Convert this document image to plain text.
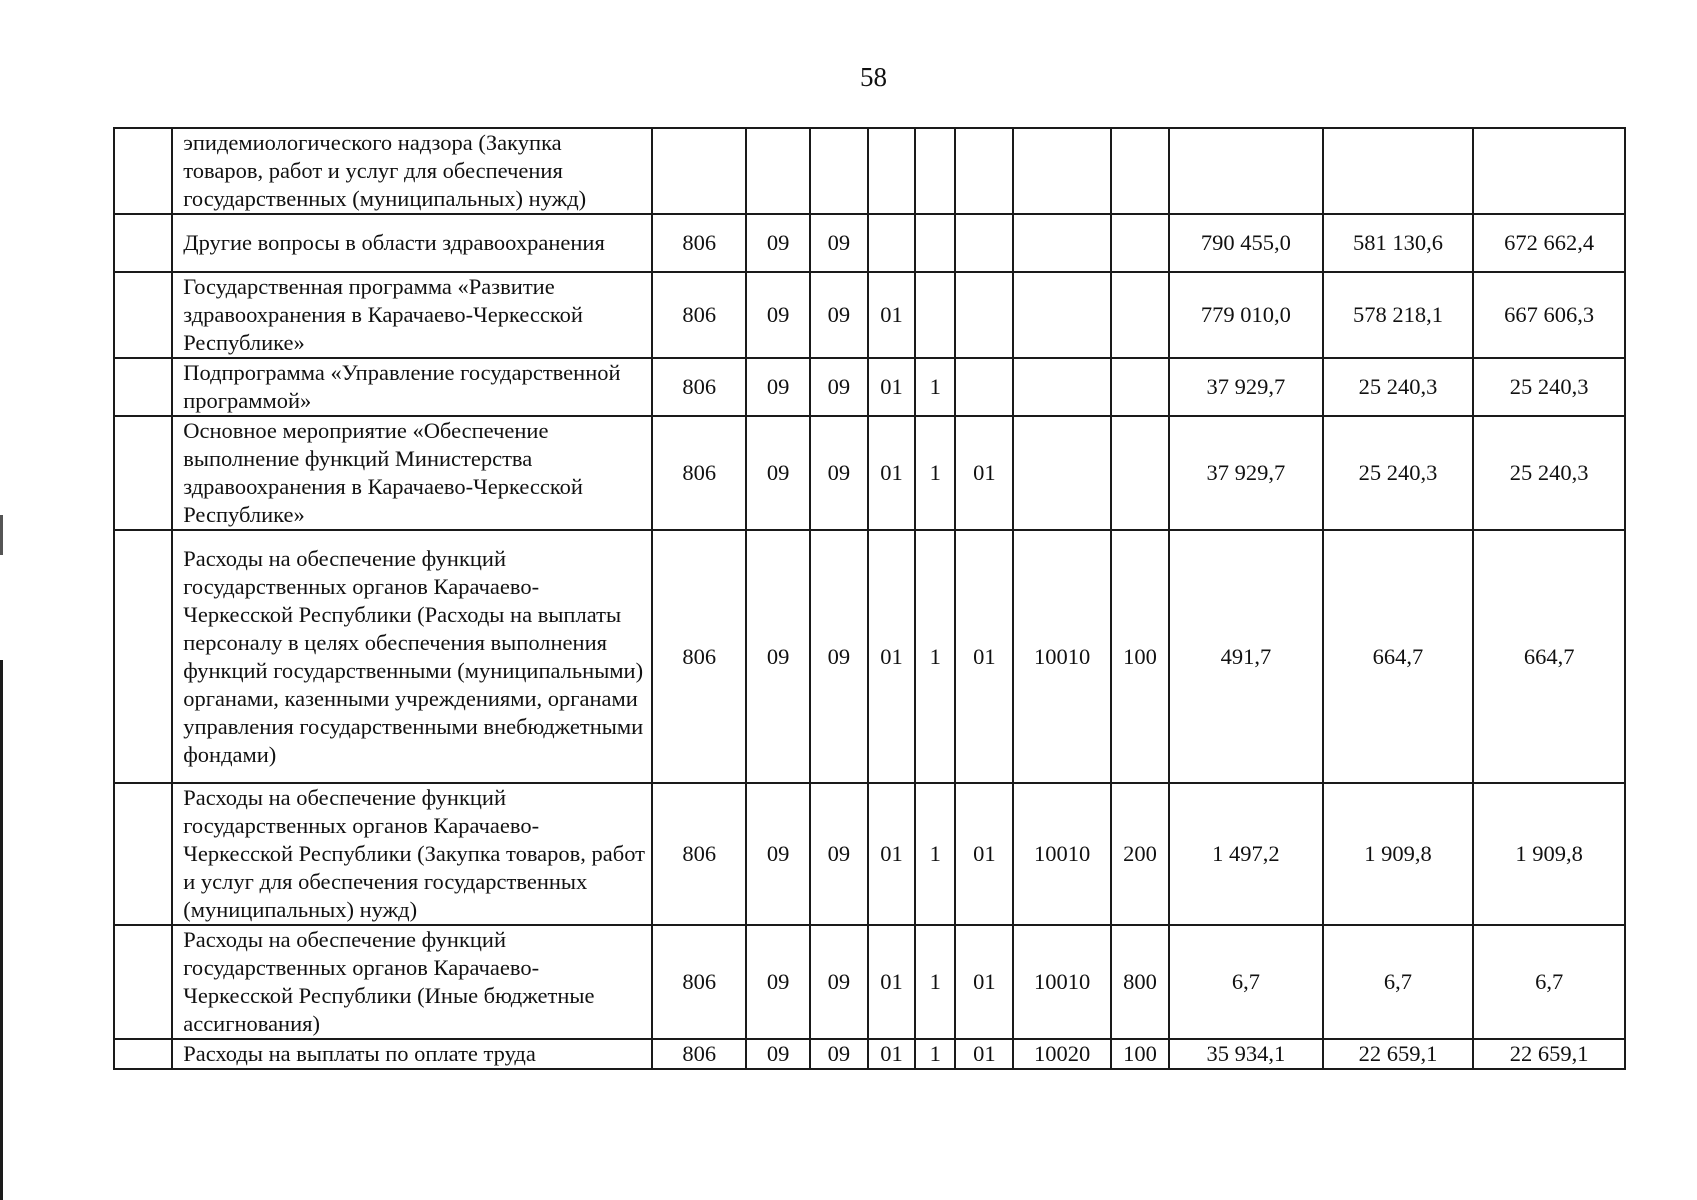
58
	эпидемиологического надзора (Закупка товаров, работ и услуг для обеспечения государственных (муниципальных) нужд)											
	Другие вопросы в области здравоохранения	806	09	09						790 455,0	581 130,6	672 662,4
	Государственная программа «Развитие здравоохранения в Карачаево-Черкесской Республике»	806	09	09	01					779 010,0	578 218,1	667 606,3
	Подпрограмма «Управление государственной программой»	806	09	09	01	1				37 929,7	25 240,3	25 240,3
	Основное мероприятие «Обеспечение выполнение функций Министерства здравоохранения в Карачаево-Черкесской Республике»	806	09	09	01	1	01			37 929,7	25 240,3	25 240,3
	Расходы на обеспечение функций государственных органов Карачаево-Черкесской Республики (Расходы на выплаты персоналу в целях обеспечения выполнения функций государственными (муниципальными) органами, казенными учреждениями, органами управления государственными внебюджетными фондами)	806	09	09	01	1	01	10010	100	491,7	664,7	664,7
	Расходы на обеспечение функций государственных органов Карачаево-Черкесской Республики (Закупка товаров, работ и услуг для обеспечения государственных (муниципальных) нужд)	806	09	09	01	1	01	10010	200	1 497,2	1 909,8	1 909,8
	Расходы на обеспечение функций государственных органов Карачаево-Черкесской Республики (Иные бюджетные ассигнования)	806	09	09	01	1	01	10010	800	6,7	6,7	6,7
	Расходы на выплаты по оплате труда	806	09	09	01	1	01	10020	100	35 934,1	22 659,1	22 659,1
